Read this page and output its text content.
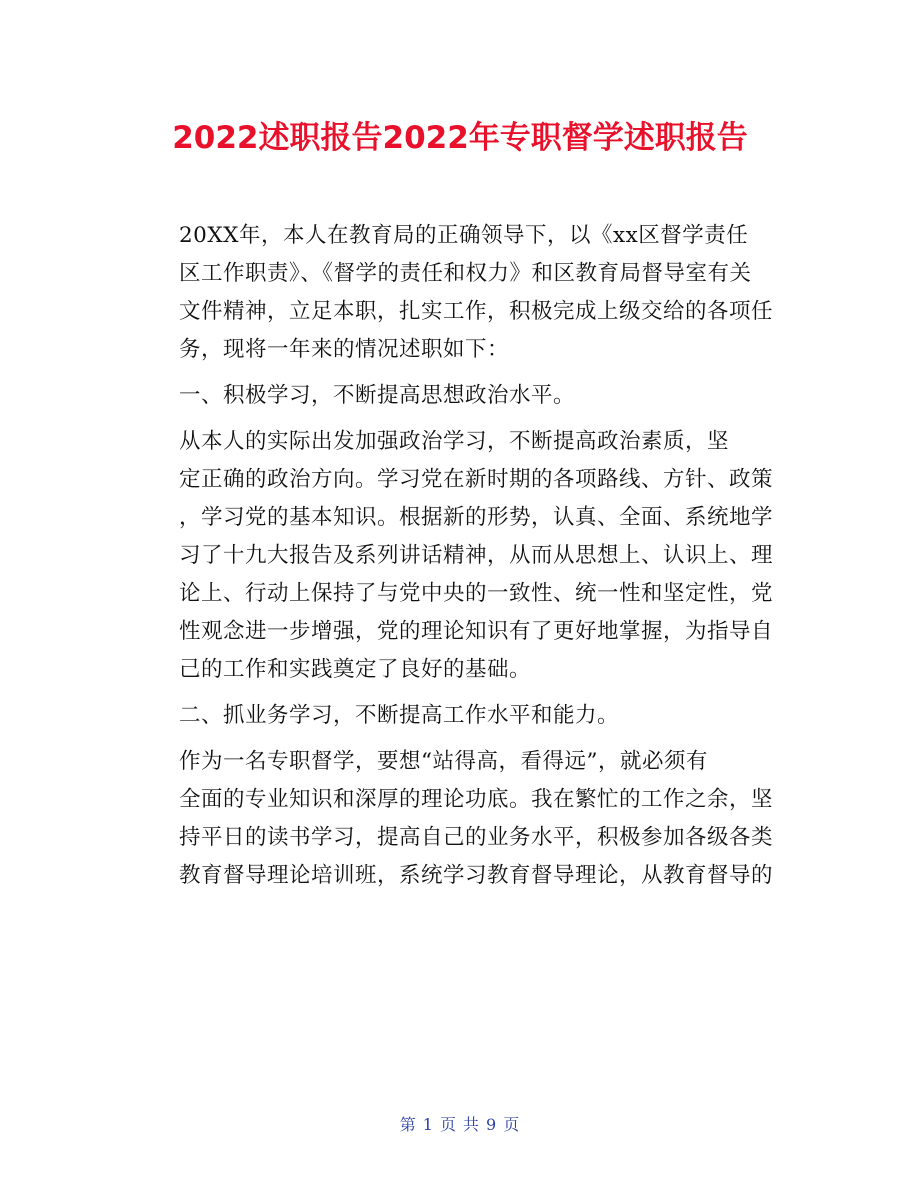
2022述职报告2022年专职督学述职报告
20XX年，本人在教育局的正确领导下，以《xx区督学责任
区工作职责》、《督学的责任和权力》和区教育局督导室有关
文件精神，立足本职，扎实工作，积极完成上级交给的各项任
务，现将一年来的情况述职如下：
一、积极学习，不断提高思想政治水平。
从本人的实际出发加强政治学习，不断提高政治素质，坚
定正确的政治方向。学习党在新时期的各项路线、方针、政策
，学习党的基本知识。根据新的形势，认真、全面、系统地学
习了十九大报告及系列讲话精神，从而从思想上、认识上、理
论上、行动上保持了与党中央的一致性、统一性和坚定性，党
性观念进一步增强，党的理论知识有了更好地掌握，为指导自
己的工作和实践奠定了良好的基础。
二、抓业务学习，不断提高工作水平和能力。
作为一名专职督学，要想“站得高，看得远”，就必须有
全面的专业知识和深厚的理论功底。我在繁忙的工作之余，坚
持平日的读书学习，提高自己的业务水平，积极参加各级各类
教育督导理论培训班，系统学习教育督导理论，从教育督导的
第 1 页 共 9 页
